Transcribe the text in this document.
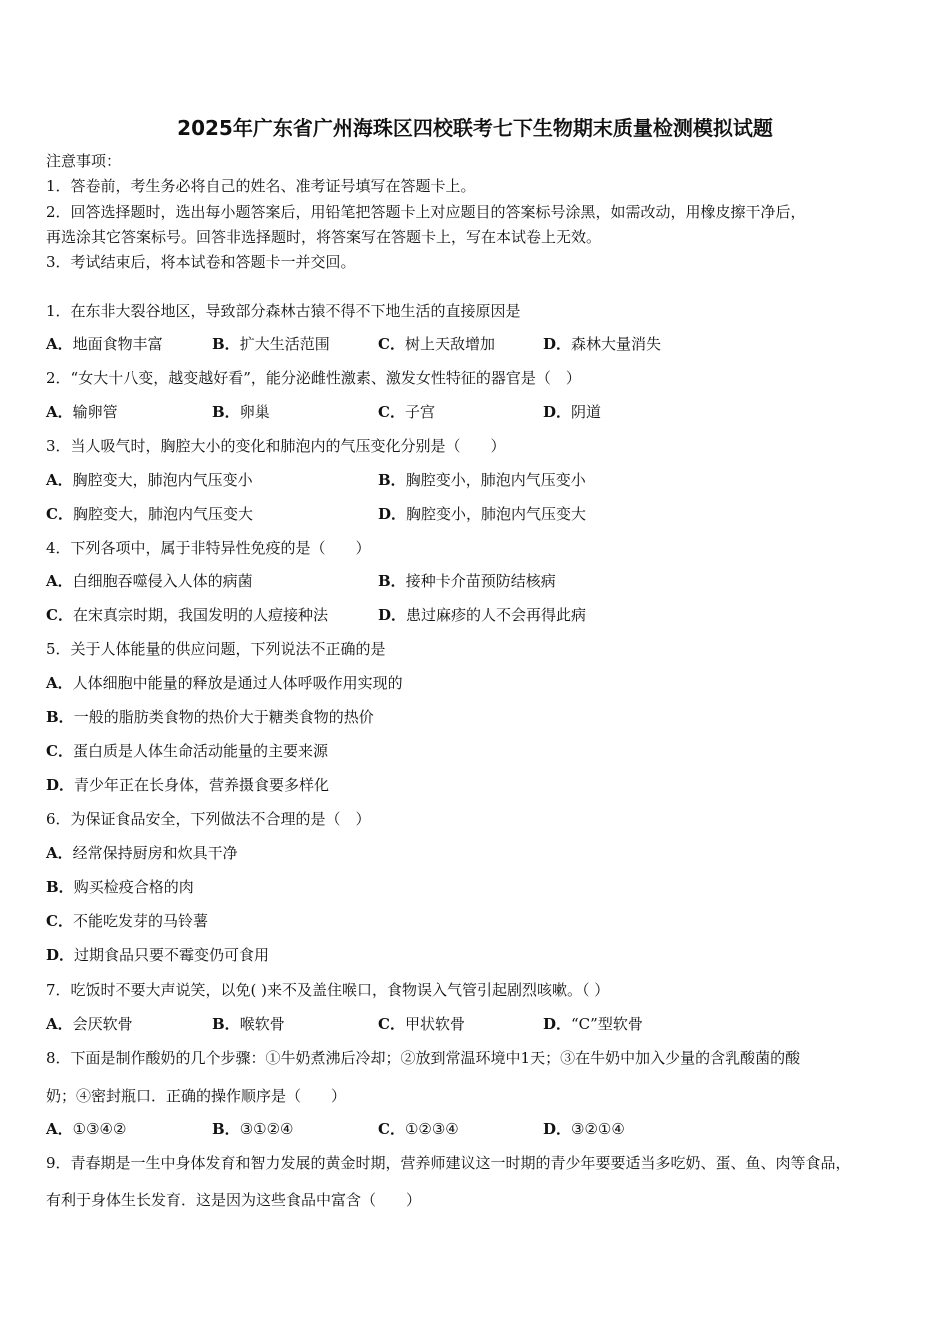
2025年广东省广州海珠区四校联考七下生物期末质量检测模拟试题
注意事项：
1．答卷前，考生务必将自己的姓名、准考证号填写在答题卡上。
2．回答选择题时，选出每小题答案后，用铅笔把答题卡上对应题目的答案标号涂黑，如需改动，用橡皮擦干净后，
再选涂其它答案标号。回答非选择题时，将答案写在答题卡上，写在本试卷上无效。
3．考试结束后，将本试卷和答题卡一并交回。
1．在东非大裂谷地区，导致部分森林古猿不得不下地生活的直接原因是
A．地面食物丰富	B．扩大生活范围	C．树上天敌增加	D．森林大量消失
2．“女大十八变，越变越好看”，能分泌雌性激素、激发女性特征的器官是（　）
A．输卵管	B．卵巢	C．子宫	D．阴道
3．当人吸气时，胸腔大小的变化和肺泡内的气压变化分别是（　　）
A．胸腔变大，肺泡内气压变小	B．胸腔变小，肺泡内气压变小
C．胸腔变大，肺泡内气压变大	D．胸腔变小，肺泡内气压变大
4．下列各项中，属于非特异性免疫的是（　　）
A．白细胞吞噬侵入人体的病菌	B．接种卡介苗预防结核病
C．在宋真宗时期，我国发明的人痘接种法	D．患过麻疹的人不会再得此病
5．关于人体能量的供应问题，下列说法不正确的是
A．人体细胞中能量的释放是通过人体呼吸作用实现的
B．一般的脂肪类食物的热价大于糖类食物的热价
C．蛋白质是人体生命活动能量的主要来源
D．青少年正在长身体，营养摄食要多样化
6．为保证食品安全，下列做法不合理的是（　）
A．经常保持厨房和炊具干净
B．购买检疫合格的肉
C．不能吃发芽的马铃薯
D．过期食品只要不霉变仍可食用
7．吃饭时不要大声说笑，以免( )来不及盖住喉口，食物误入气管引起剧烈咳嗽。（ ）
A．会厌软骨	B．喉软骨	C．甲状软骨	D．“C”型软骨
8．下面是制作酸奶的几个步骤：①牛奶煮沸后冷却；②放到常温环境中1天；③在牛奶中加入少量的含乳酸菌的酸
奶；④密封瓶口．正确的操作顺序是（　　）
A．①③④②	B．③①②④	C．①②③④	D．③②①④
9．青春期是一生中身体发育和智力发展的黄金时期，营养师建议这一时期的青少年要要适当多吃奶、蛋、鱼、肉等食品，
有利于身体生长发育．这是因为这些食品中富含（　　）
